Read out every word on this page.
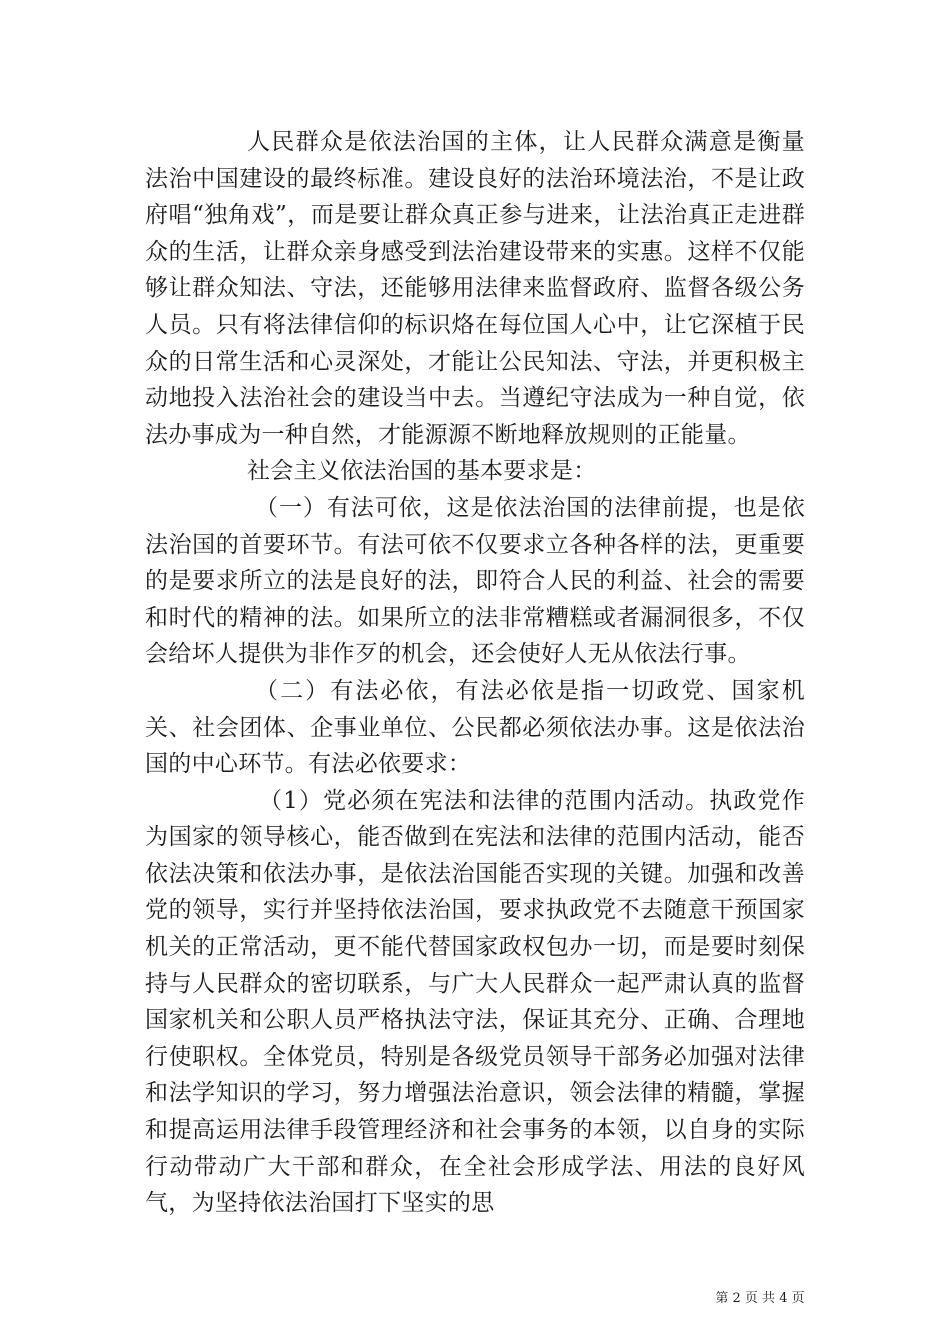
人民群众是依法治国的主体，让人民群众满意是衡量法治中国建设的最终标准。建设良好的法治环境法治，不是让政府唱“独角戏”，而是要让群众真正参与进来，让法治真正走进群众的生活，让群众亲身感受到法治建设带来的实惠。这样不仅能够让群众知法、守法，还能够用法律来监督政府、监督各级公务人员。只有将法律信仰的标识烙在每位国人心中，让它深植于民众的日常生活和心灵深处，才能让公民知法、守法，并更积极主动地投入法治社会的建设当中去。当遵纪守法成为一种自觉，依法办事成为一种自然，才能源源不断地释放规则的正能量。

社会主义依法治国的基本要求是：

（一）有法可依，这是依法治国的法律前提，也是依法治国的首要环节。有法可依不仅要求立各种各样的法，更重要的是要求所立的法是良好的法，即符合人民的利益、社会的需要和时代的精神的法。如果所立的法非常糟糕或者漏洞很多，不仅会给坏人提供为非作歹的机会，还会使好人无从依法行事。

（二）有法必依，有法必依是指一切政党、国家机关、社会团体、企事业单位、公民都必须依法办事。这是依法治国的中心环节。有法必依要求：

（1）党必须在宪法和法律的范围内活动。执政党作为国家的领导核心，能否做到在宪法和法律的范围内活动，能否依法决策和依法办事，是依法治国能否实现的关键。加强和改善党的领导，实行并坚持依法治国，要求执政党不去随意干预国家机关的正常活动，更不能代替国家政权包办一切，而是要时刻保持与人民群众的密切联系，与广大人民群众一起严肃认真的监督国家机关和公职人员严格执法守法，保证其充分、正确、合理地行使职权。全体党员，特别是各级党员领导干部务必加强对法律和法学知识的学习，努力增强法治意识，领会法律的精髓，掌握和提高运用法律手段管理经济和社会事务的本领，以自身的实际行动带动广大干部和群众，在全社会形成学法、用法的良好风气，为坚持依法治国打下坚实的思

第 2 页 共 4 页
